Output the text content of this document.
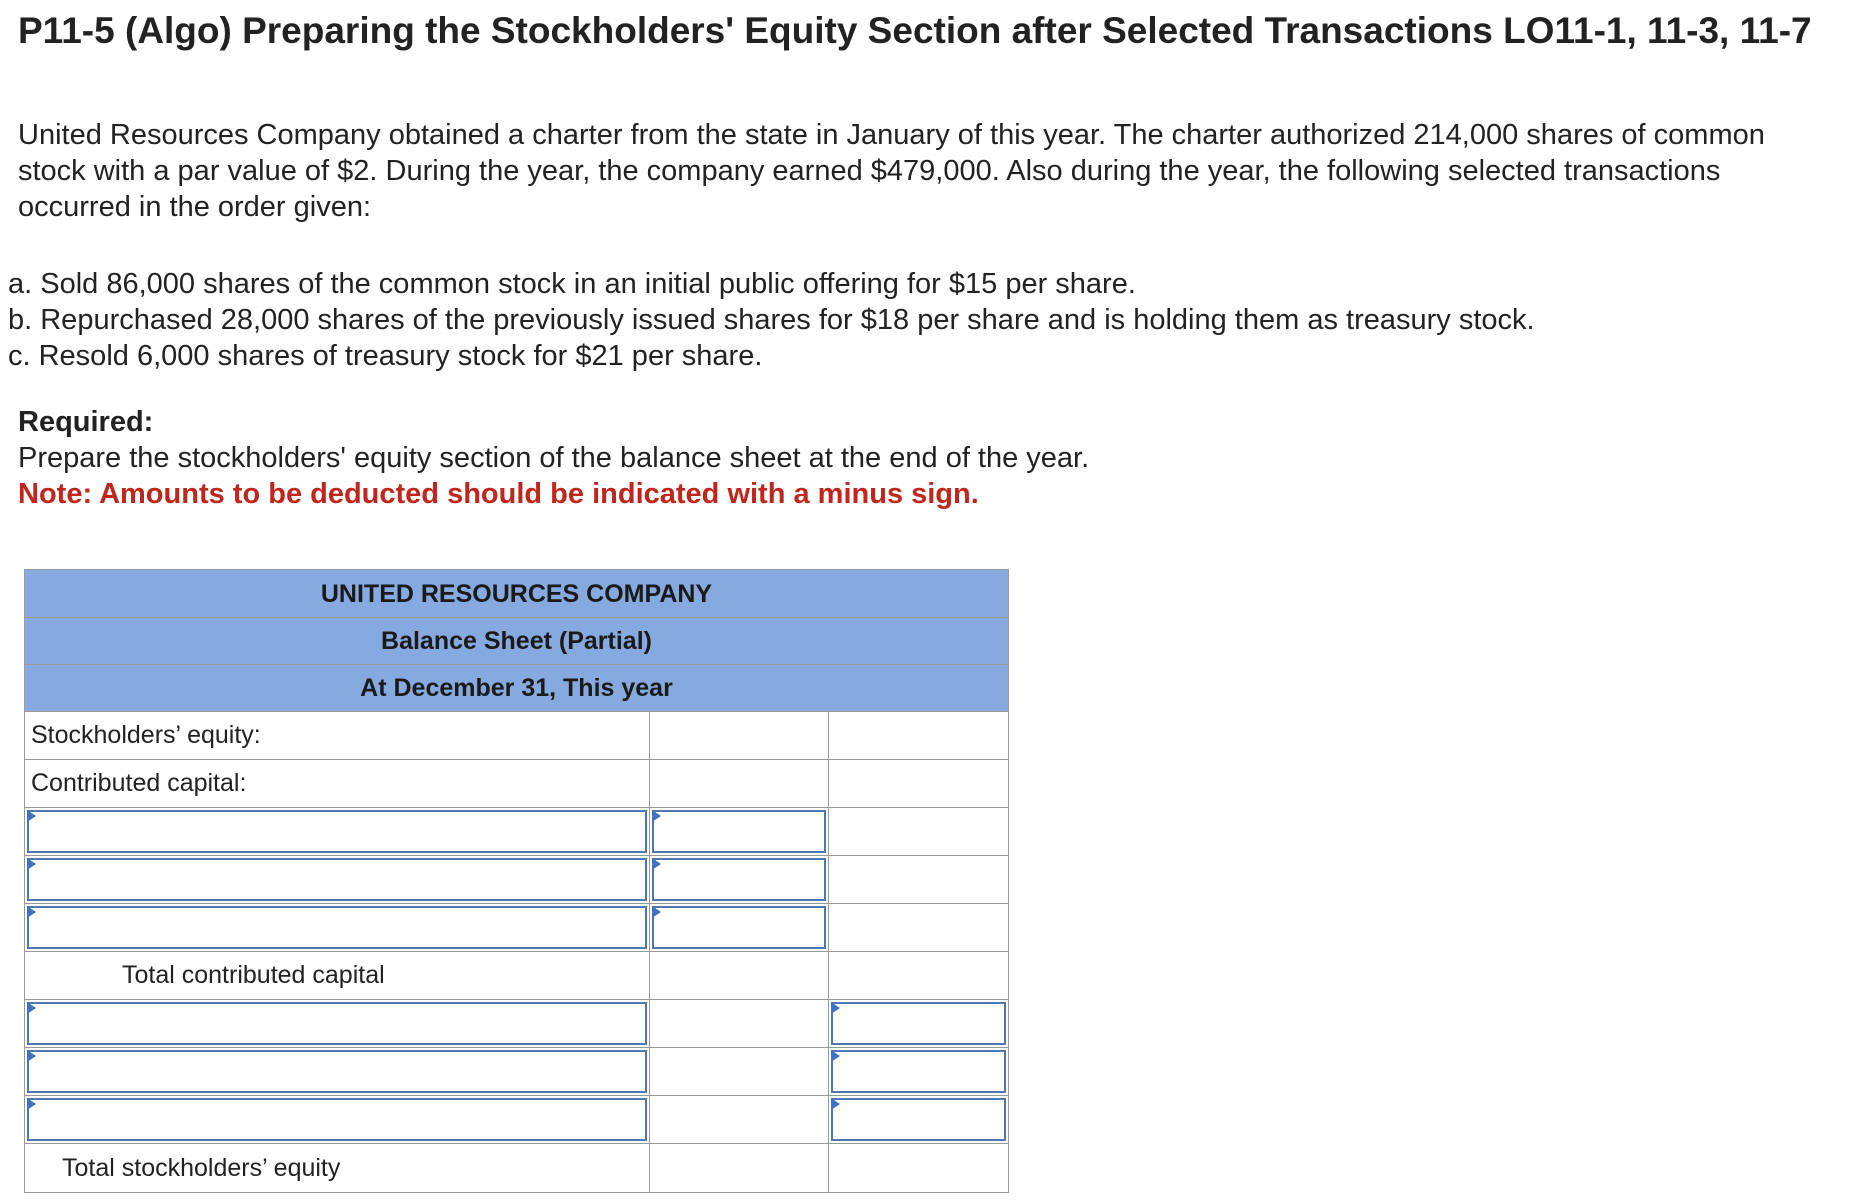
P11-5 (Algo) Preparing the Stockholders' Equity Section after Selected Transactions LO11-1, 11-3, 11-7
United Resources Company obtained a charter from the state in January of this year. The charter authorized 214,000 shares of common stock with a par value of $2. During the year, the company earned $479,000. Also during the year, the following selected transactions occurred in the order given:
a. Sold 86,000 shares of the common stock in an initial public offering for $15 per share.
b. Repurchased 28,000 shares of the previously issued shares for $18 per share and is holding them as treasury stock.
c. Resold 6,000 shares of treasury stock for $21 per share.
Required:
Prepare the stockholders' equity section of the balance sheet at the end of the year.
Note: Amounts to be deducted should be indicated with a minus sign.
UNITED RESOURCES COMPANY
Balance Sheet (Partial)
At December 31, This year
Stockholders’ equity:
Contributed capital:
Total contributed capital
Total stockholders’ equity
